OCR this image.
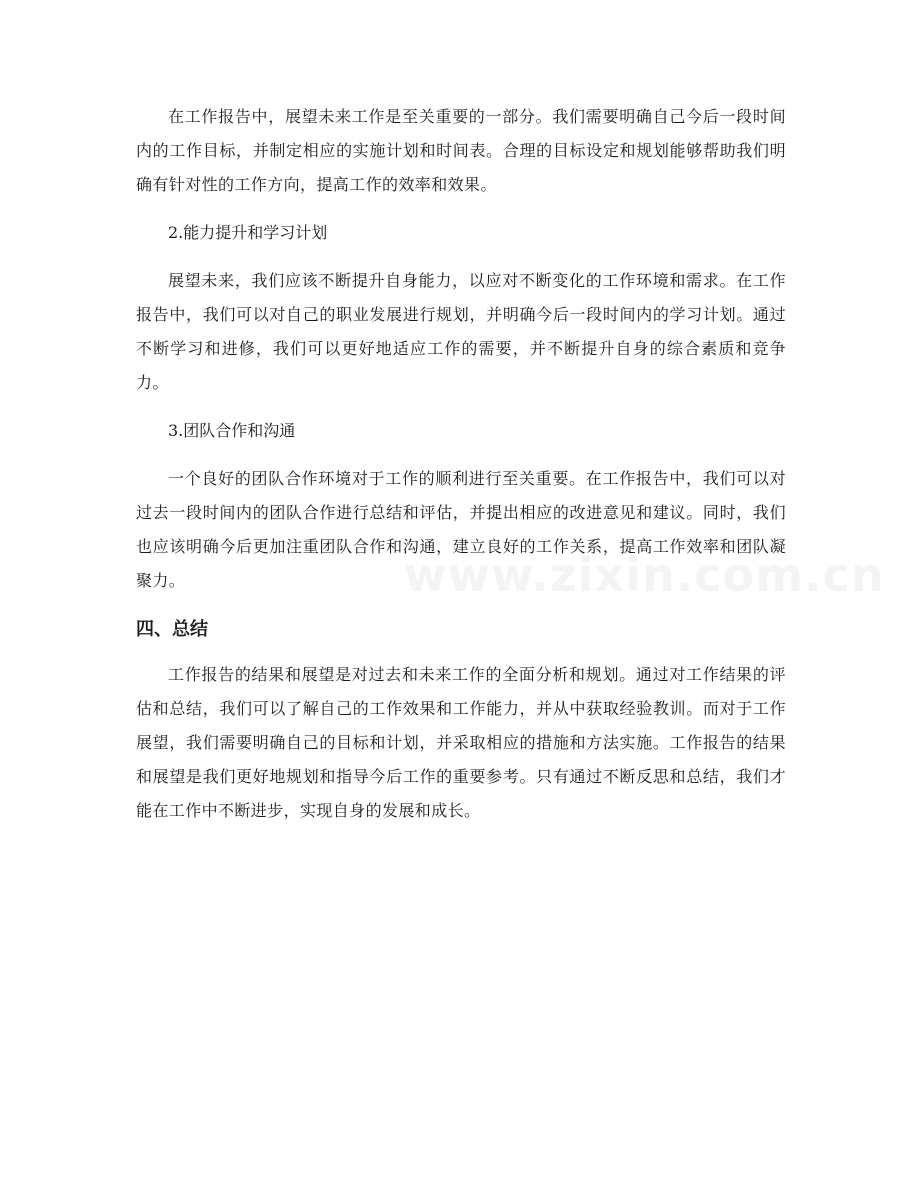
在工作报告中，展望未来工作是至关重要的一部分。我们需要明确自己今后一段时间内的工作目标，并制定相应的实施计划和时间表。合理的目标设定和规划能够帮助我们明确有针对性的工作方向，提高工作的效率和效果。

2.能力提升和学习计划

展望未来，我们应该不断提升自身能力，以应对不断变化的工作环境和需求。在工作报告中，我们可以对自己的职业发展进行规划，并明确今后一段时间内的学习计划。通过不断学习和进修，我们可以更好地适应工作的需要，并不断提升自身的综合素质和竞争力。

3.团队合作和沟通

一个良好的团队合作环境对于工作的顺利进行至关重要。在工作报告中，我们可以对过去一段时间内的团队合作进行总结和评估，并提出相应的改进意见和建议。同时，我们也应该明确今后更加注重团队合作和沟通，建立良好的工作关系，提高工作效率和团队凝聚力。

四、总结

工作报告的结果和展望是对过去和未来工作的全面分析和规划。通过对工作结果的评估和总结，我们可以了解自己的工作效果和工作能力，并从中获取经验教训。而对于工作展望，我们需要明确自己的目标和计划，并采取相应的措施和方法实施。工作报告的结果和展望是我们更好地规划和指导今后工作的重要参考。只有通过不断反思和总结，我们才能在工作中不断进步，实现自身的发展和成长。
